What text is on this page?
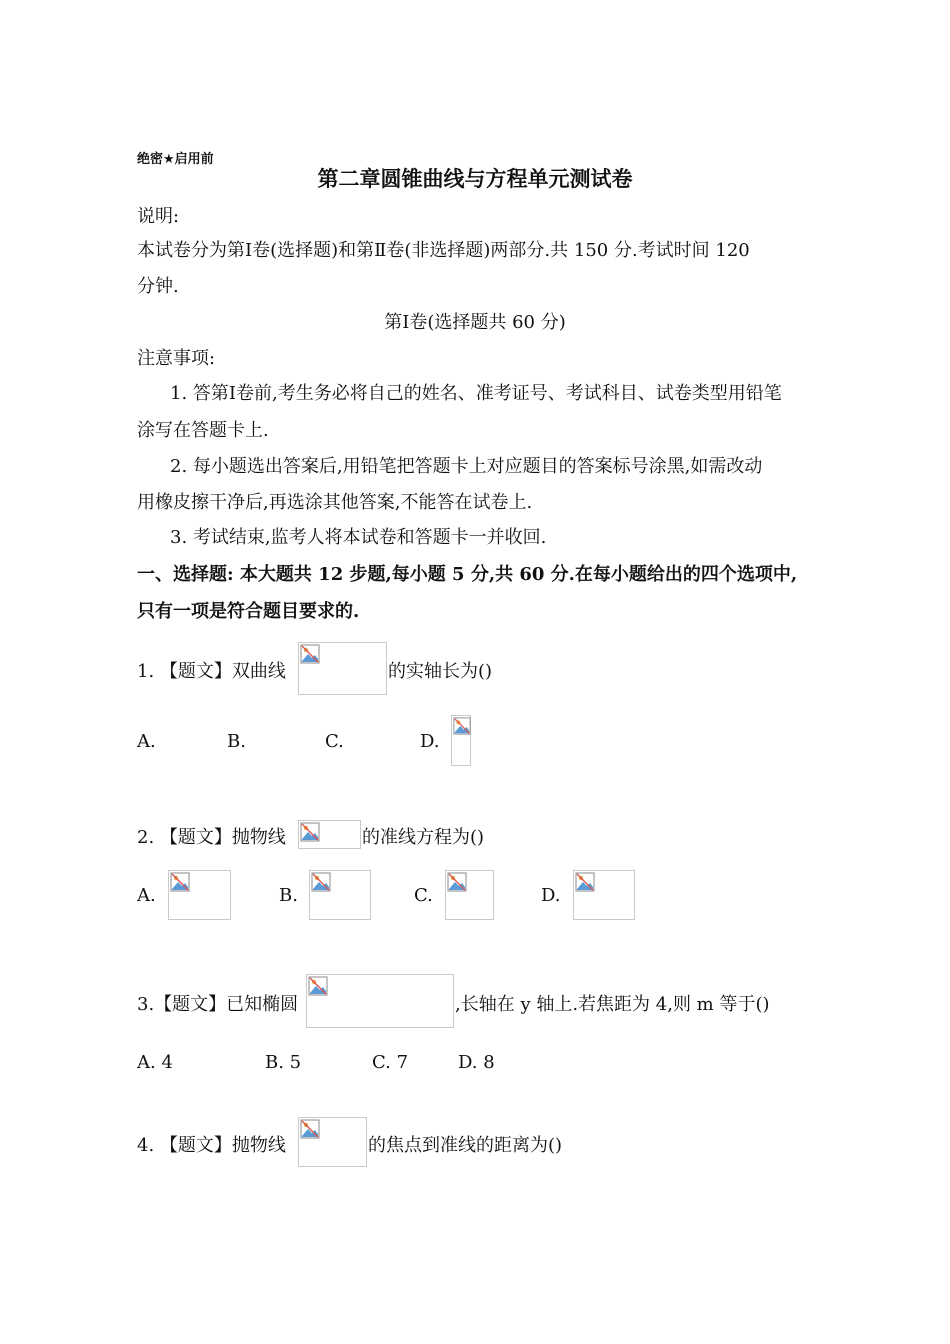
绝密★启用前
第二章圆锥曲线与方程单元测试卷
说明:
本试卷分为第Ⅰ卷(选择题)和第Ⅱ卷(非选择题)两部分.共 150 分.考试时间 120
分钟.
第Ⅰ卷(选择题共 60 分)
注意事项:
1. 答第Ⅰ卷前,考生务必将自己的姓名、准考证号、考试科目、试卷类型用铅笔
涂写在答题卡上.
2. 每小题选出答案后,用铅笔把答题卡上对应题目的答案标号涂黑,如需改动
用橡皮擦干净后,再选涂其他答案,不能答在试卷上.
3. 考试结束,监考人将本试卷和答题卡一并收回.
一、选择题: 本大题共 12 步题,每小题 5 分,共 60 分.在每小题给出的四个选项中,
只有一项是符合题目要求的.
1. 【题文】双曲线	的实轴长为()
A.	B.	C.	D.
2. 【题文】抛物线	的准线方程为()
A.	B.	C.	D.
3.【题文】已知椭圆	,长轴在 y 轴上.若焦距为 4,则 m 等于()
A. 4	B. 5	C. 7	D. 8
4. 【题文】抛物线	的焦点到准线的距离为()
